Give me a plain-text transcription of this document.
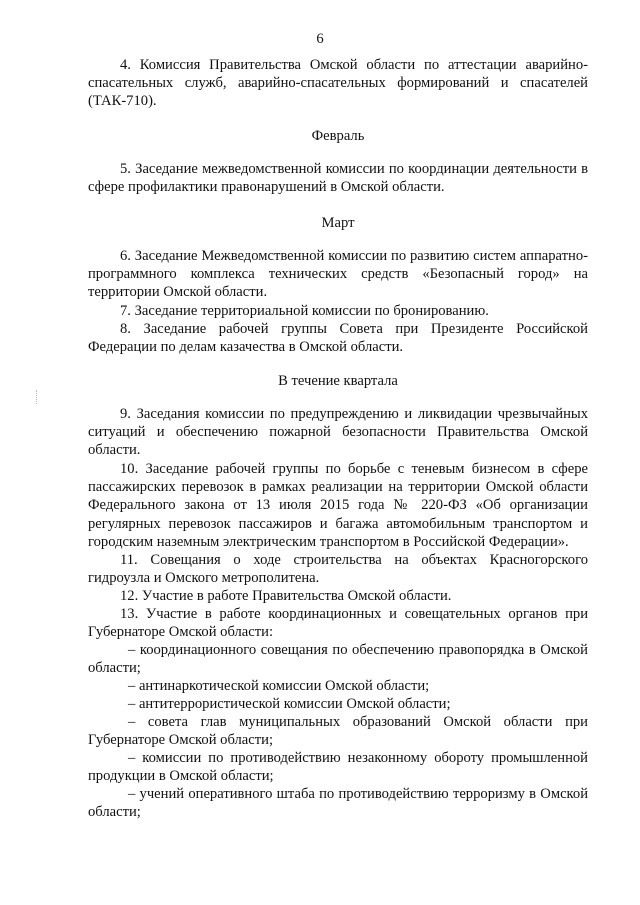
6
4. Комиссия Правительства Омской области по аттестации аварийно-спасательных служб, аварийно-спасательных формирований и спасателей (ТАК-710).
Февраль
5. Заседание межведомственной комиссии по координации деятельности в сфере профилактики правонарушений в Омской области.
Март
6. Заседание Межведомственной комиссии по развитию систем аппаратно-программного комплекса технических средств «Безопасный город» на территории Омской области.
7. Заседание территориальной комиссии по бронированию.
8. Заседание рабочей группы Совета при Президенте Российской Федерации по делам казачества в Омской области.
В течение квартала
9. Заседания комиссии по предупреждению и ликвидации чрезвычайных ситуаций и обеспечению пожарной безопасности Правительства Омской области.
10. Заседание рабочей группы по борьбе с теневым бизнесом в сфере пассажирских перевозок в рамках реализации на территории Омской области Федерального закона от 13 июля 2015 года № 220-ФЗ «Об организации регулярных перевозок пассажиров и багажа автомобильным транспортом и городским наземным электрическим транспортом в Российской Федерации».
11. Совещания о ходе строительства на объектах Красногорского гидроузла и Омского метрополитена.
12. Участие в работе Правительства Омской области.
13. Участие в работе координационных и совещательных органов при Губернаторе Омской области:
– координационного совещания по обеспечению правопорядка в Омской области;
– антинаркотической комиссии Омской области;
– антитеррористической комиссии Омской области;
– совета глав муниципальных образований Омской области при Губернаторе Омской области;
– комиссии по противодействию незаконному обороту промышленной продукции в Омской области;
– учений оперативного штаба по противодействию терроризму в Омской области;
